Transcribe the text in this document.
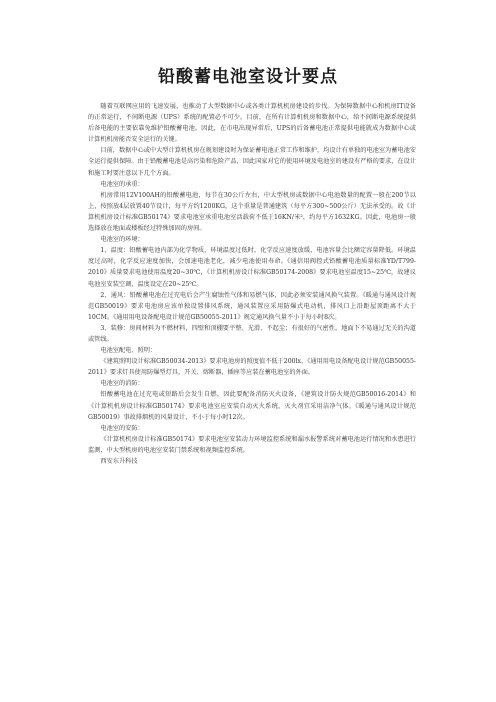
铅酸蓄电池室设计要点

随着互联网应用的飞速发展，也推动了大型数据中心或各类计算机机房建设的步伐。为保障数据中心和机房IT设备的正常运行，不间断电源（UPS）系统的配置必不可少。目前，在所有计算机机房和数据中心，给不间断电源系统提供后备电能的主要依靠免维护铅酸蓄电池。因此，在市电出现异常后，UPS的后备蓄电池正常提供电能就成为数据中心或计算机机房能否安全运行的关键。

目前，数据中心或中大型计算机机房在规划建设时为保证蓄电池正常工作和维护，均设计有单独的电池室为蓄电池安全运行提供保障。由于铅酸蓄电池是高污染和危险产品，因此国家对它的使用环境及电池室的建设有严格的要求，在设计和施工时要注意以下几个方面。

电池室的承重：

机房常用12V100AH的铅酸蓄电池，每节在30公斤左右，中大型机房或数据中心电池数量的配置一般在200节以上，按照放4层放置40节设计，每平方约1200KG，这个重量是普通建筑（每平方300~500公斤）无法承受的。故《计算机机房设计标准GB50174》要求电池室承重电池室活载荷不低于16KN/米²，约每平方1632KG。因此，电池房一般选择放在地面或楼板经过特殊加固的房间。

电池室的环境：

1、温度：铅酸蓄电池内部为化学物质，环境温度过低时，化学反应速度放缓，电池容量会比额定容量降低。环境温度过高时，化学反应速度加快，会加速电池老化，减少电池使用寿命。《通信用阀控式铅酸蓄电池质量标准YD/T799-2010》质量要求电池使用温度20~30℃，《计算机机房设计标准GB50174-2008》要求电池室温度15~25℃，故建议电池室安装空调，温度设定在20~25℃。

2、通风：铅酸蓄电池在过充电后会产生腐蚀性气体和易燃气体，因此必须安装通风换气装置。《暖通与通风设计规范GB50019》要求电池房应该单独设置排风系统，通风装置应采用防爆式电动机，排风口上沿距屋顶距离不大于10CM。《通用用电设备配电设计规范GB50055-2011》规定通风换气量不小于每小时8次。

3、装修：房间材料为不燃材料，四壁和顶棚要平整、光滑、不起尘；有很好的气密性。地面下不易通过无关的沟道或管线。

电池室配电、照明：

《建筑照明设计标准GB50034-2013》要求电池房的照度值不低于200lx，《通用用电设备配电设计规范GB50055-2011》要求灯具使用防爆型灯具，开关、熔断器、插座等应装在蓄电池室的外面。

电池室的消防：

铅酸蓄电池在过充电或短路后会发生自燃，因此要配备消防灭火设备，《建筑设计防火规范GB50016-2014》和《计算机机房设计标准GB50174》要求电池室应安装自动灭火系统，灭火剂宜采用洁净气体。《暖通与通风设计规范GB50019》事故排烟机的风量设计，不小于每小时12次。

电池室的安防：

《计算机机房设计标准GB50174》要求电池室安装动力环境监控系统和漏水报警系统对蓄电池运行情况和水患进行监测，中大型机房的电池室安装门禁系统和视频监控系统。

西安东升科技
